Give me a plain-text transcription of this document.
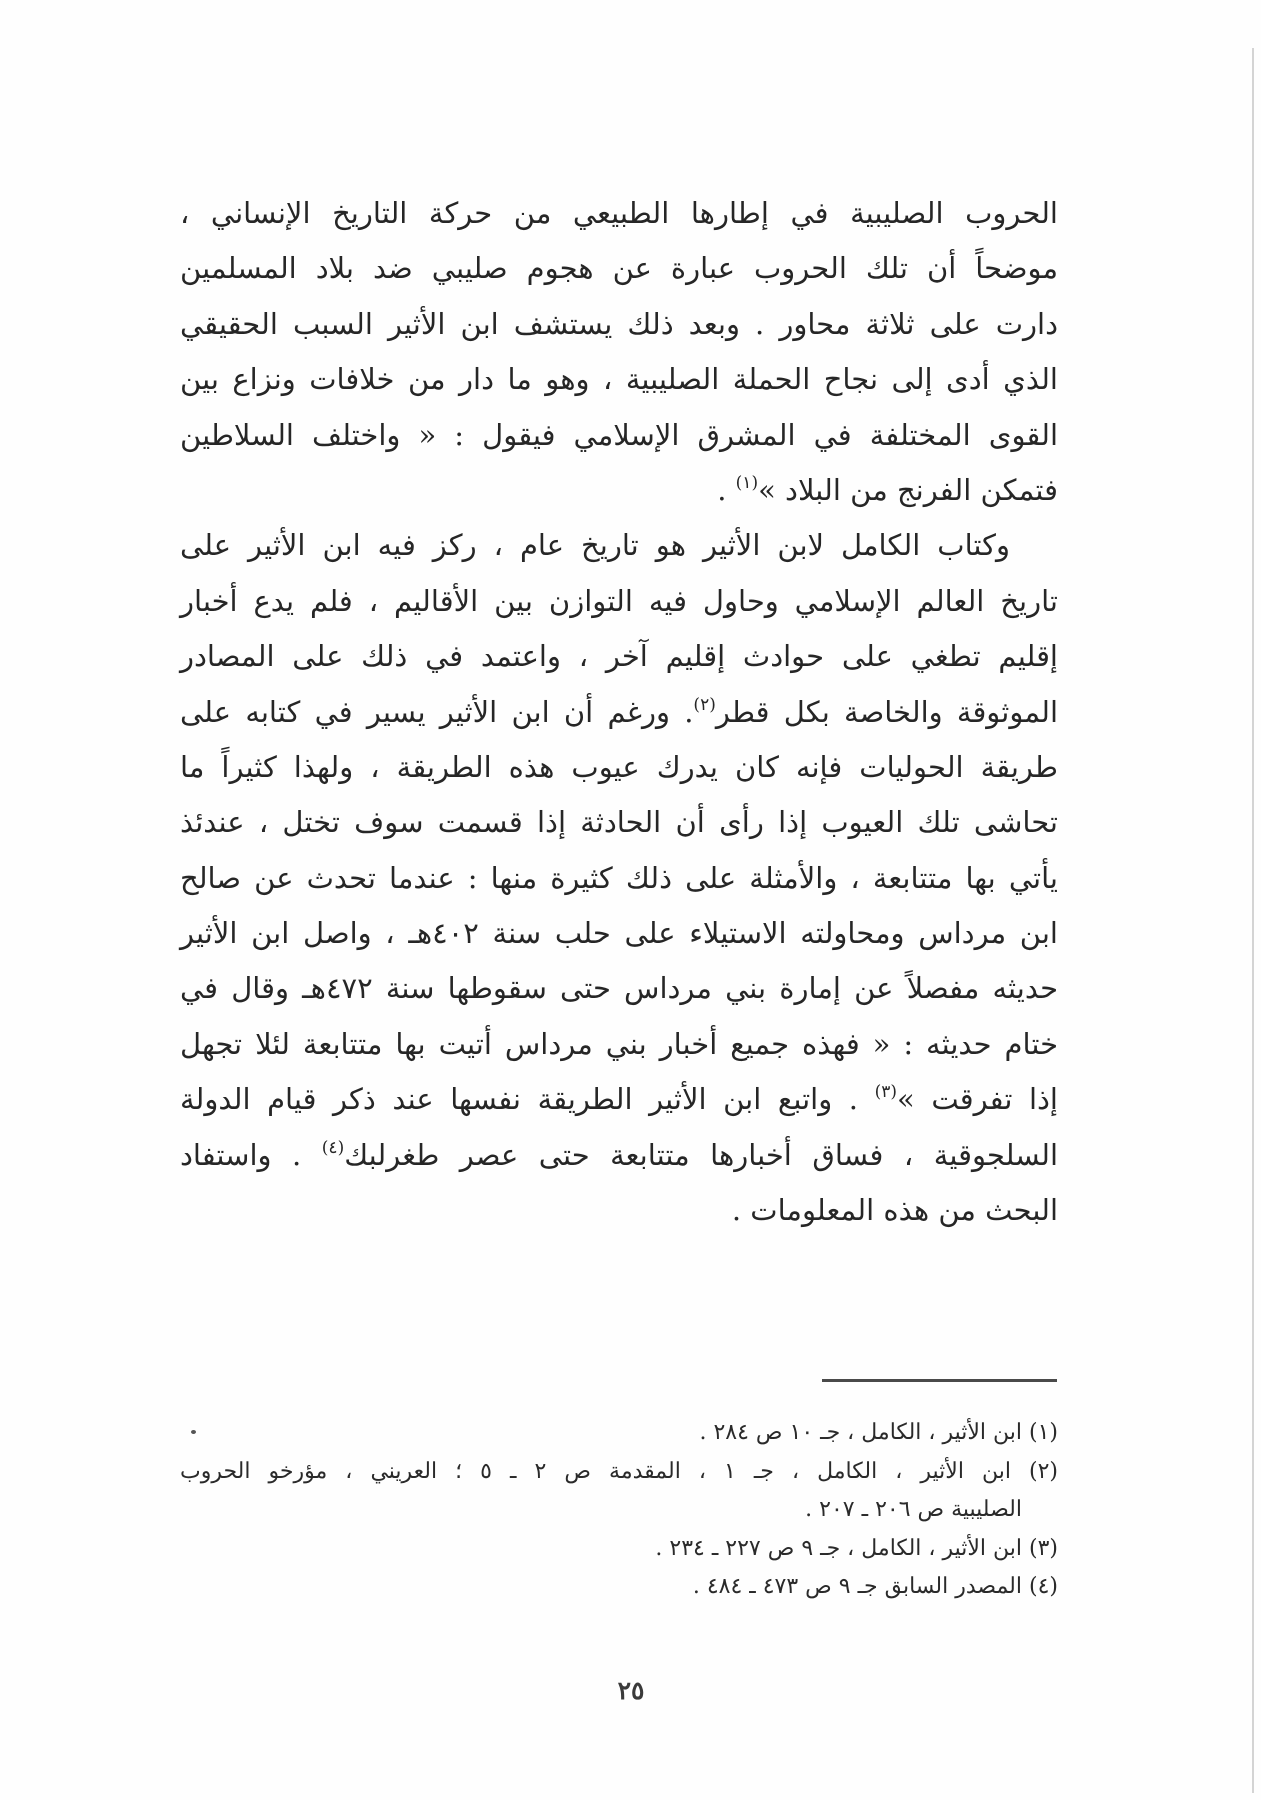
الحروب الصليبية في إطارها الطبيعي من حركة التاريخ الإنساني ،
موضحاً أن تلك الحروب عبارة عن هجوم صليبي ضد بلاد المسلمين
دارت على ثلاثة محاور . وبعد ذلك يستشف ابن الأثير السبب الحقيقي
الذي أدى إلى نجاح الحملة الصليبية ، وهو ما دار من خلافات ونزاع بين
القوى المختلفة في المشرق الإسلامي فيقول : « واختلف السلاطين
فتمكن الفرنج من البلاد »$^{(١)}$ .
وكتاب الكامل لابن الأثير هو تاريخ عام ، ركز فيه ابن الأثير على
تاريخ العالم الإسلامي وحاول فيه التوازن بين الأقاليم ، فلم يدع أخبار
إقليم تطغي على حوادث إقليم آخر ، واعتمد في ذلك على المصادر
الموثوقة والخاصة بكل قطر$^{(٢)}$. ورغم أن ابن الأثير يسير في كتابه على
طريقة الحوليات فإنه كان يدرك عيوب هذه الطريقة ، ولهذا كثيراً ما
تحاشى تلك العيوب إذا رأى أن الحادثة إذا قسمت سوف تختل ، عندئذ
يأتي بها متتابعة ، والأمثلة على ذلك كثيرة منها : عندما تحدث عن صالح
ابن مرداس ومحاولته الاستيلاء على حلب سنة ٤٠٢هـ ، واصل ابن الأثير
حديثه مفصلاً عن إمارة بني مرداس حتى سقوطها سنة ٤٧٢هـ وقال في
ختام حديثه : « فهذه جميع أخبار بني مرداس أتيت بها متتابعة لئلا تجهل
إذا تفرقت »$^{(٣)}$ . واتبع ابن الأثير الطريقة نفسها عند ذكر قيام الدولة
السلجوقية ، فساق أخبارها متتابعة حتى عصر طغرلبك$^{(٤)}$ . واستفاد
البحث من هذه المعلومات .
(١) ابن الأثير ، الكامل ، جـ ١٠ ص ٢٨٤ .
(٢) ابن الأثير ، الكامل ، جـ ١ ، المقدمة ص ٢ ـ ٥ ؛ العريني ، مؤرخو الحروب
الصليبية ص ٢٠٦ ـ ٢٠٧ .
(٣) ابن الأثير ، الكامل ، جـ ٩ ص ٢٢٧ ـ ٢٣٤ .
(٤) المصدر السابق جـ ٩ ص ٤٧٣ ـ ٤٨٤ .
٢٥
